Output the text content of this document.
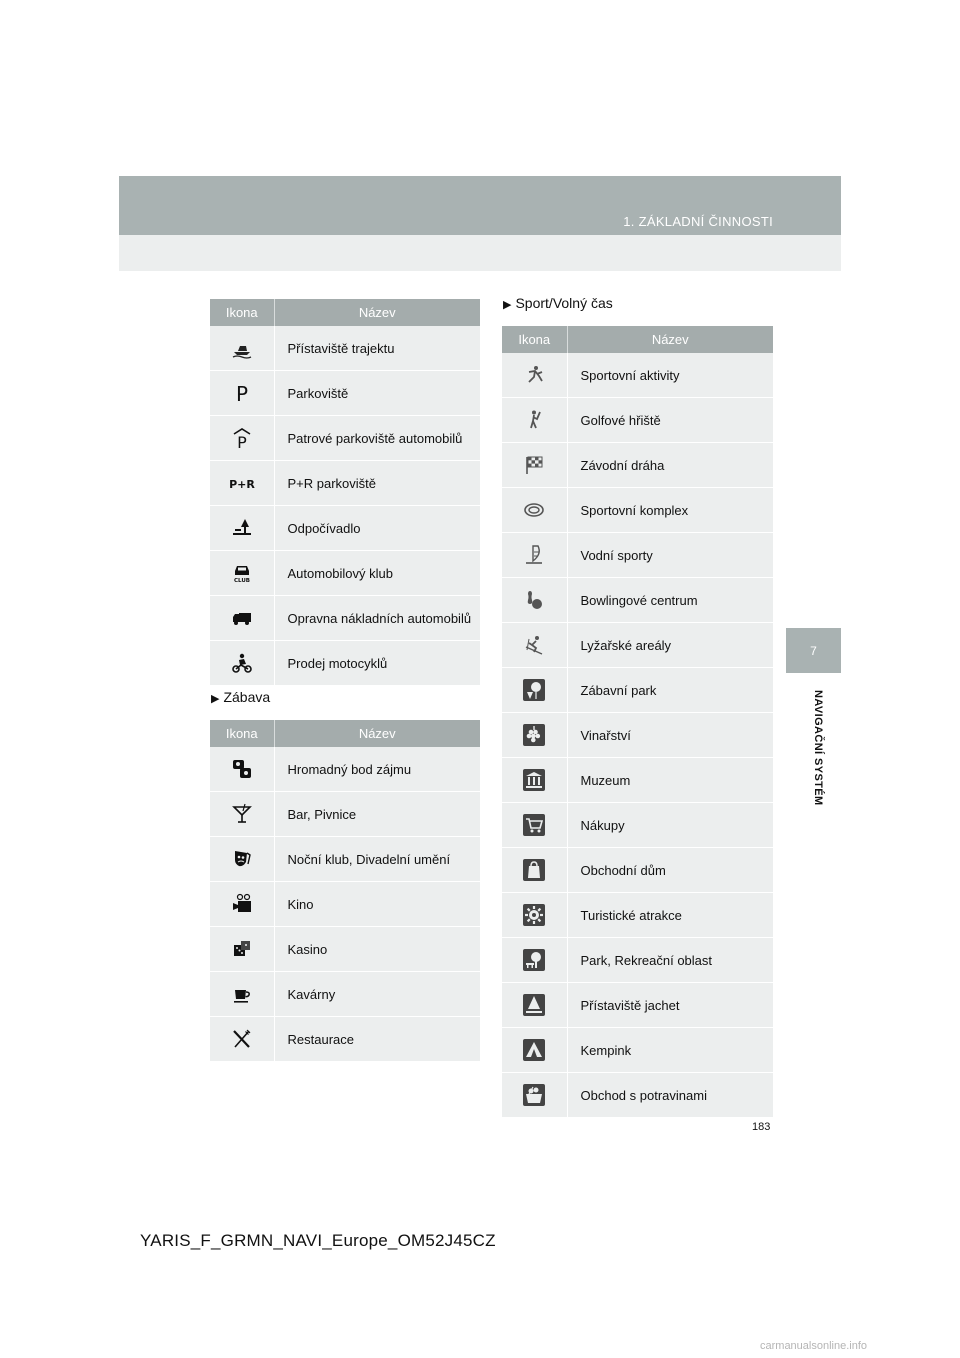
1. ZÁKLADNÍ ČINNOSTI
7
NAVIGAČNÍ SYSTÉM
Ikona	Název

	Přístaviště trajektu

P	Parkoviště

P	Patrové parkoviště automobilů

P+R	P+R parkoviště

	Odpočívadlo

CLUB	Automobilový klub

	Opravna nákladních automobilů

	Prodej motocyklů
▶ Zábava
Ikona	Název

	Hromadný bod zájmu

	Bar, Pivnice

	Noční klub, Divadelní umění

	Kino

	Kasino

	Kavárny

	Restaurace
▶ Sport/Volný čas
Ikona	Název

	Sportovní aktivity

	Golfové hřiště

	Závodní dráha

	Sportovní komplex

	Vodní sporty

	Bowlingové centrum

	Lyžařské areály

	Zábavní park

	Vinařství

	Muzeum

	Nákupy

	Obchodní dům

	Turistické atrakce

	Park, Rekreační oblast

	Přístaviště jachet

	Kempink

	Obchod s potravinami
183
YARIS_F_GRMN_NAVI_Europe_OM52J45CZ
carmanualsonline.info
